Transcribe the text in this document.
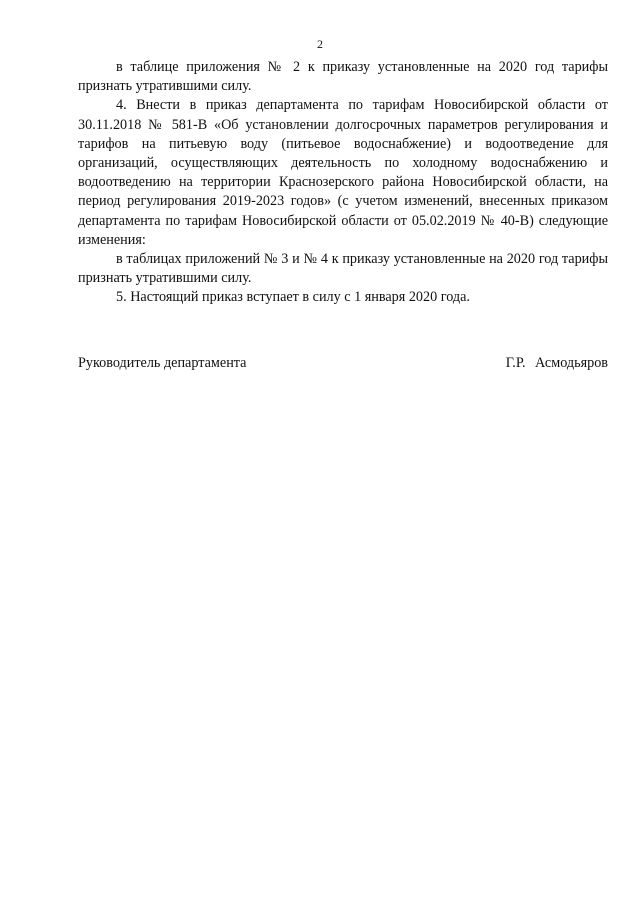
2

в таблице приложения № 2 к приказу установленные на 2020 год тарифы признать утратившими силу.

4. Внести в приказ департамента по тарифам Новосибирской области от 30.11.2018 № 581-В «Об установлении долгосрочных параметров регулирования и тарифов на питьевую воду (питьевое водоснабжение) и водоотведение для организаций, осуществляющих деятельность по холодному водоснабжению и водоотведению на территории Краснозерского района Новосибирской области, на период регулирования 2019-2023 годов» (с учетом изменений, внесенных приказом департамента по тарифам Новосибирской области от 05.02.2019 № 40-В) следующие изменения:

в таблицах приложений № 3 и № 4 к приказу установленные на 2020 год тарифы признать утратившими силу.

5. Настоящий приказ вступает в силу с 1 января 2020 года.

Руководитель департамента	Г.Р. Асмодьяров
